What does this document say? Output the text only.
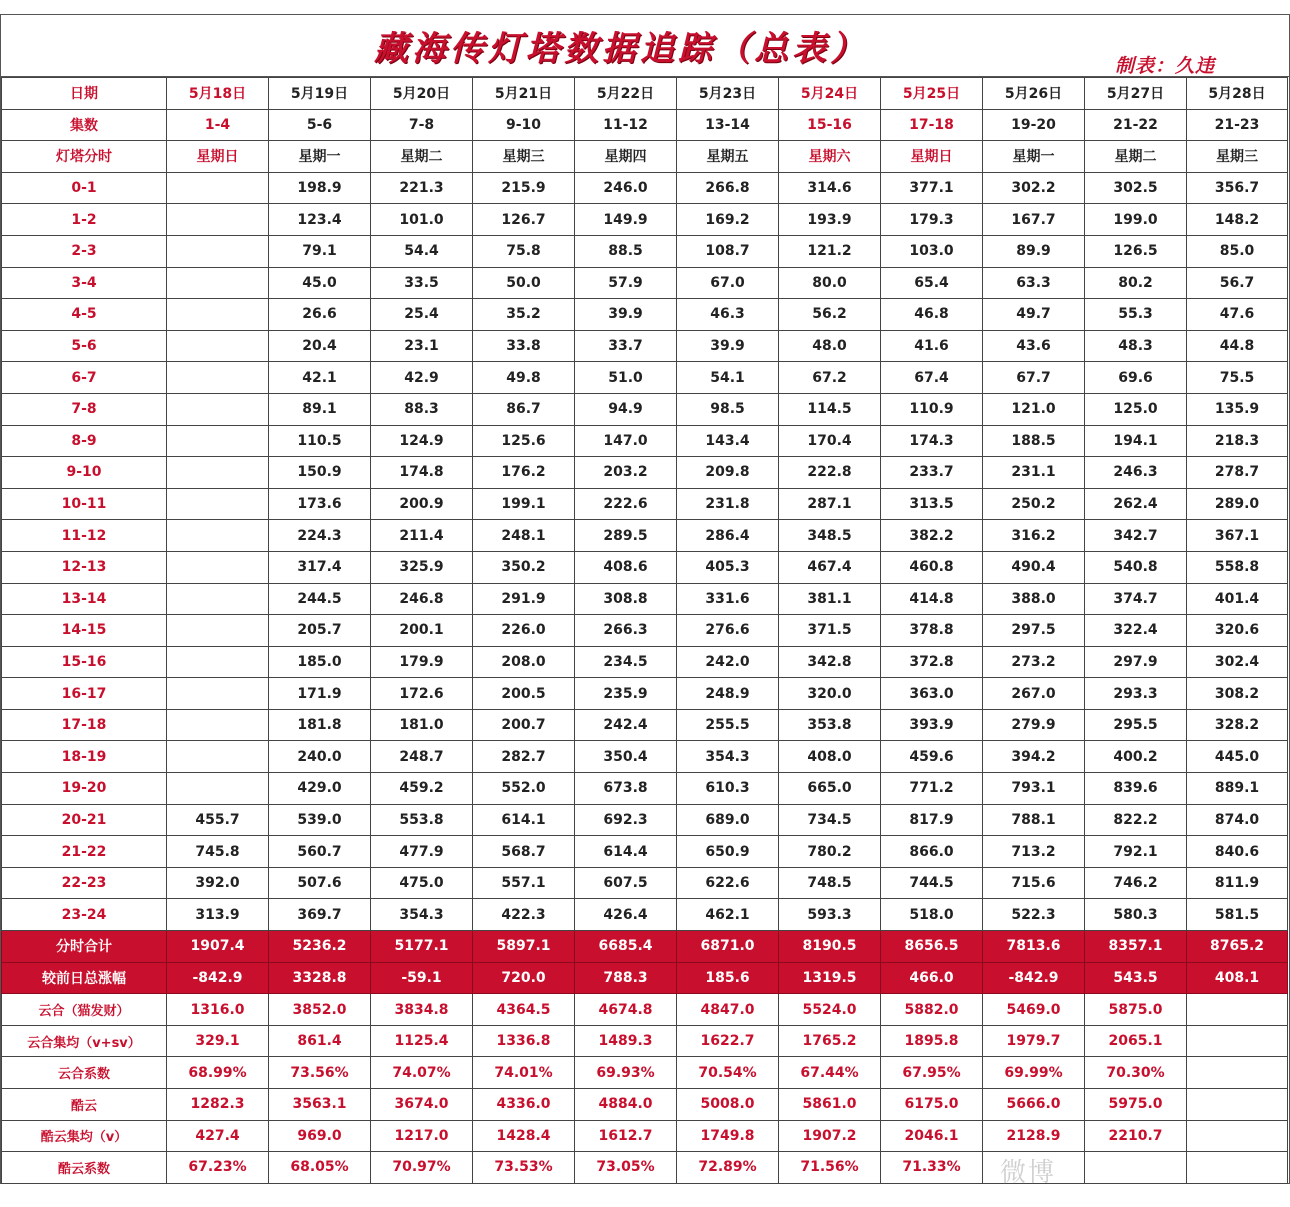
藏海传灯塔数据追踪（总表）	制表：久违
日期	5月18日	5月19日	5月20日	5月21日	5月22日	5月23日	5月24日	5月25日	5月26日	5月27日	5月28日
集数	1-4	5-6	7-8	9-10	11-12	13-14	15-16	17-18	19-20	21-22	21-23
灯塔分时	星期日	星期一	星期二	星期三	星期四	星期五	星期六	星期日	星期一	星期二	星期三
0-1		198.9	221.3	215.9	246.0	266.8	314.6	377.1	302.2	302.5	356.7
1-2		123.4	101.0	126.7	149.9	169.2	193.9	179.3	167.7	199.0	148.2
2-3		79.1	54.4	75.8	88.5	108.7	121.2	103.0	89.9	126.5	85.0
3-4		45.0	33.5	50.0	57.9	67.0	80.0	65.4	63.3	80.2	56.7
4-5		26.6	25.4	35.2	39.9	46.3	56.2	46.8	49.7	55.3	47.6
5-6		20.4	23.1	33.8	33.7	39.9	48.0	41.6	43.6	48.3	44.8
6-7		42.1	42.9	49.8	51.0	54.1	67.2	67.4	67.7	69.6	75.5
7-8		89.1	88.3	86.7	94.9	98.5	114.5	110.9	121.0	125.0	135.9
8-9		110.5	124.9	125.6	147.0	143.4	170.4	174.3	188.5	194.1	218.3
9-10		150.9	174.8	176.2	203.2	209.8	222.8	233.7	231.1	246.3	278.7
10-11		173.6	200.9	199.1	222.6	231.8	287.1	313.5	250.2	262.4	289.0
11-12		224.3	211.4	248.1	289.5	286.4	348.5	382.2	316.2	342.7	367.1
12-13		317.4	325.9	350.2	408.6	405.3	467.4	460.8	490.4	540.8	558.8
13-14		244.5	246.8	291.9	308.8	331.6	381.1	414.8	388.0	374.7	401.4
14-15		205.7	200.1	226.0	266.3	276.6	371.5	378.8	297.5	322.4	320.6
15-16		185.0	179.9	208.0	234.5	242.0	342.8	372.8	273.2	297.9	302.4
16-17		171.9	172.6	200.5	235.9	248.9	320.0	363.0	267.0	293.3	308.2
17-18		181.8	181.0	200.7	242.4	255.5	353.8	393.9	279.9	295.5	328.2
18-19		240.0	248.7	282.7	350.4	354.3	408.0	459.6	394.2	400.2	445.0
19-20		429.0	459.2	552.0	673.8	610.3	665.0	771.2	793.1	839.6	889.1
20-21	455.7	539.0	553.8	614.1	692.3	689.0	734.5	817.9	788.1	822.2	874.0
21-22	745.8	560.7	477.9	568.7	614.4	650.9	780.2	866.0	713.2	792.1	840.6
22-23	392.0	507.6	475.0	557.1	607.5	622.6	748.5	744.5	715.6	746.2	811.9
23-24	313.9	369.7	354.3	422.3	426.4	462.1	593.3	518.0	522.3	580.3	581.5
分时合计	1907.4	5236.2	5177.1	5897.1	6685.4	6871.0	8190.5	8656.5	7813.6	8357.1	8765.2
较前日总涨幅	-842.9	3328.8	-59.1	720.0	788.3	185.6	1319.5	466.0	-842.9	543.5	408.1
云合（猫发财）	1316.0	3852.0	3834.8	4364.5	4674.8	4847.0	5524.0	5882.0	5469.0	5875.0	
云合集均（v+sv）	329.1	861.4	1125.4	1336.8	1489.3	1622.7	1765.2	1895.8	1979.7	2065.1	
云合系数	68.99%	73.56%	74.07%	74.01%	69.93%	70.54%	67.44%	67.95%	69.99%	70.30%	
酷云	1282.3	3563.1	3674.0	4336.0	4884.0	5008.0	5861.0	6175.0	5666.0	5975.0	
酷云集均（v）	427.4	969.0	1217.0	1428.4	1612.7	1749.8	1907.2	2046.1	2128.9	2210.7	
酷云系数	67.23%	68.05%	70.97%	73.53%	73.05%	72.89%	71.56%	71.33%			微博
